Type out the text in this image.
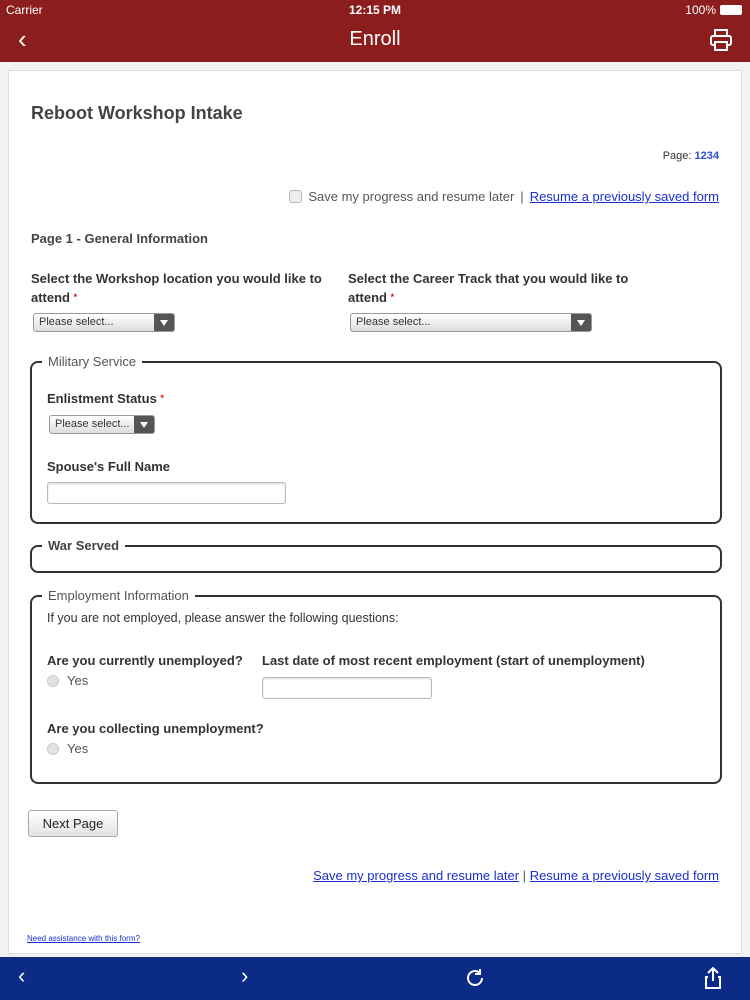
Carrier	12:15 PM	100%
‹	Enroll
Reboot Workshop Intake
Page: 1234
Save my progress and resume later | Resume a previously saved form
Page 1 - General Information
Select the Workshop location you would like to
attend *
Please select...
Select the Career Track that you would like to
attend *
Please select...
Military Service
Enlistment Status *
Please select...
Spouse's Full Name
War Served
Employment Information
If you are not employed, please answer the following questions:
Are you currently unemployed?
Yes
Last date of most recent employment (start of unemployment)
Are you collecting unemployment?
Yes
Next Page
Save my progress and resume later | Resume a previously saved form
Need assistance with this form?
‹	›
